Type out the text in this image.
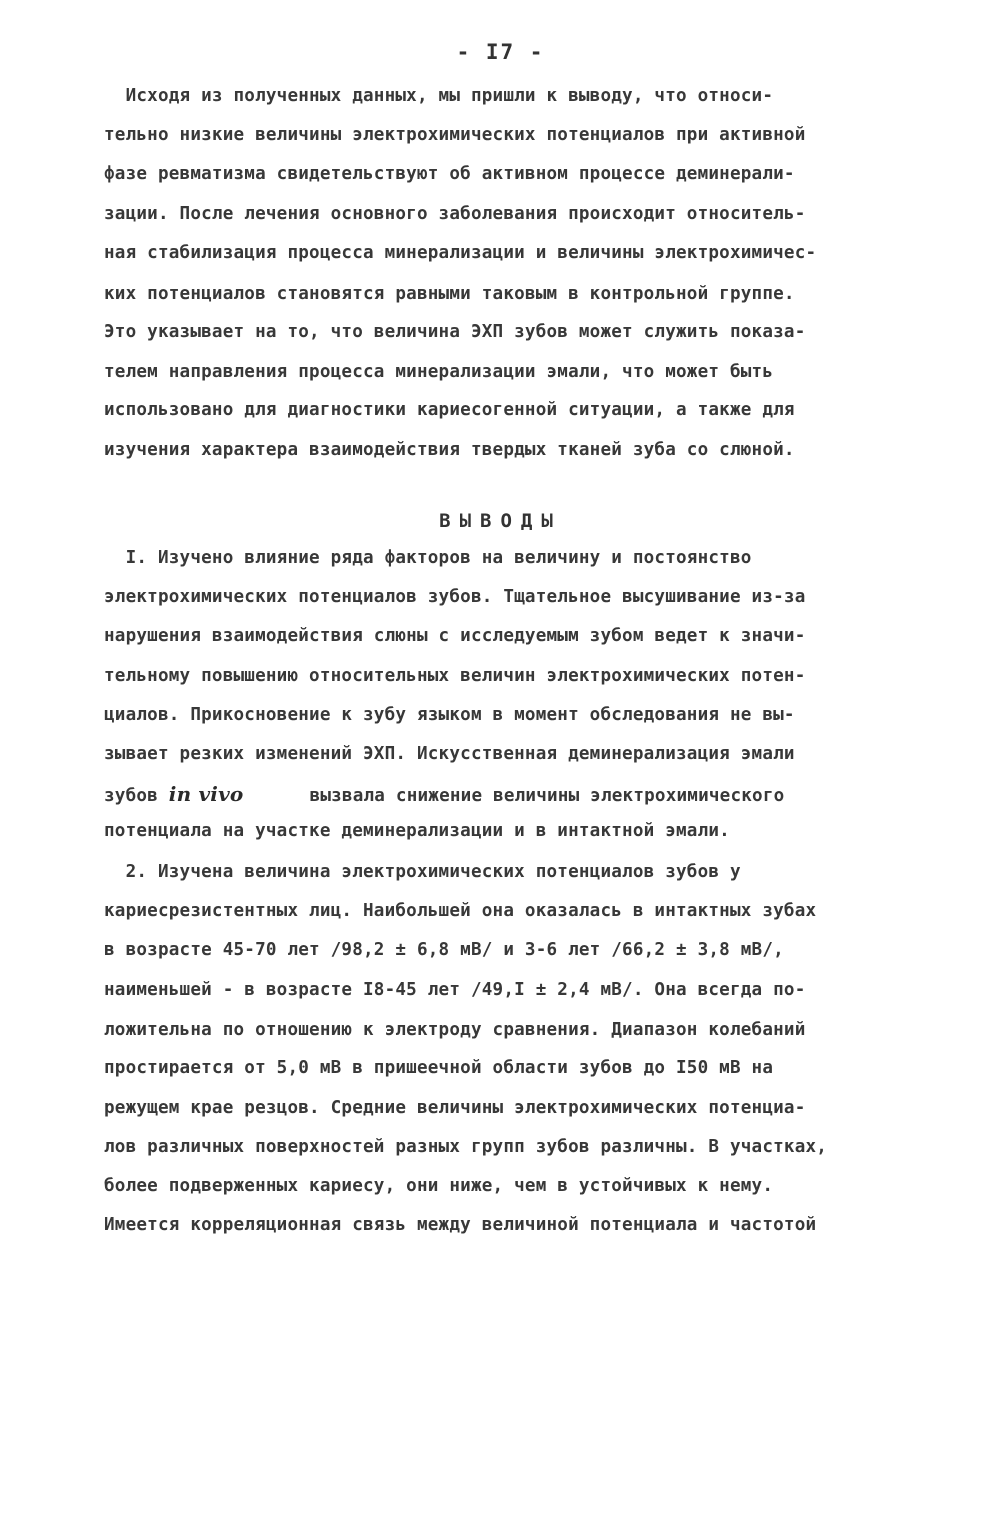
- I7 -
Исходя из полученных данных, мы пришли к выводу, что относи-
тельно низкие величины электрохимических потенциалов при активной
фазе ревматизма свидетельствуют об активном процессе деминерали-
зации. После лечения основного заболевания происходит относитель-
ная стабилизация процесса минерализации и величины электрохимичес-
ких потенциалов становятся равными таковым в контрольной группе.
Это указывает на то, что величина ЭХП зубов может служить показа-
телем направления процесса минерализации эмали, что может быть
использовано для диагностики кариесогенной ситуации, а также для
изучения характера взаимодействия твердых тканей зуба со слюной.
ВЫВОДЫ
I. Изучено влияние ряда факторов на величину и постоянство
электрохимических потенциалов зубов. Тщательное высушивание из-за
нарушения взаимодействия слюны с исследуемым зубом ведет к значи-
тельному повышению относительных величин электрохимических потен-
циалов. Прикосновение к зубу языком в момент обследования не вы-
зывает резких изменений ЭХП. Искусственная деминерализация эмали
зубов in vivo	вызвала снижение величины электрохимического
потенциала на участке деминерализации и в интактной эмали.
2. Изучена величина электрохимических потенциалов зубов у
кариесрезистентных лиц. Наибольшей она оказалась в интактных зубах
в возрасте 45-70 лет /98,2 ± 6,8 мВ/ и 3-6 лет /66,2 ± 3,8 мВ/,
наименьшей - в возрасте I8-45 лет /49,I ± 2,4 мВ/. Она всегда по-
ложительна по отношению к электроду сравнения. Диапазон колебаний
простирается от 5,0 мВ в пришеечной области зубов до I50 мВ на
режущем крае резцов. Средние величины электрохимических потенциа-
лов различных поверхностей разных групп зубов различны. В участках,
более подверженных кариесу, они ниже, чем в устойчивых к нему.
Имеется корреляционная связь между величиной потенциала и частотой
